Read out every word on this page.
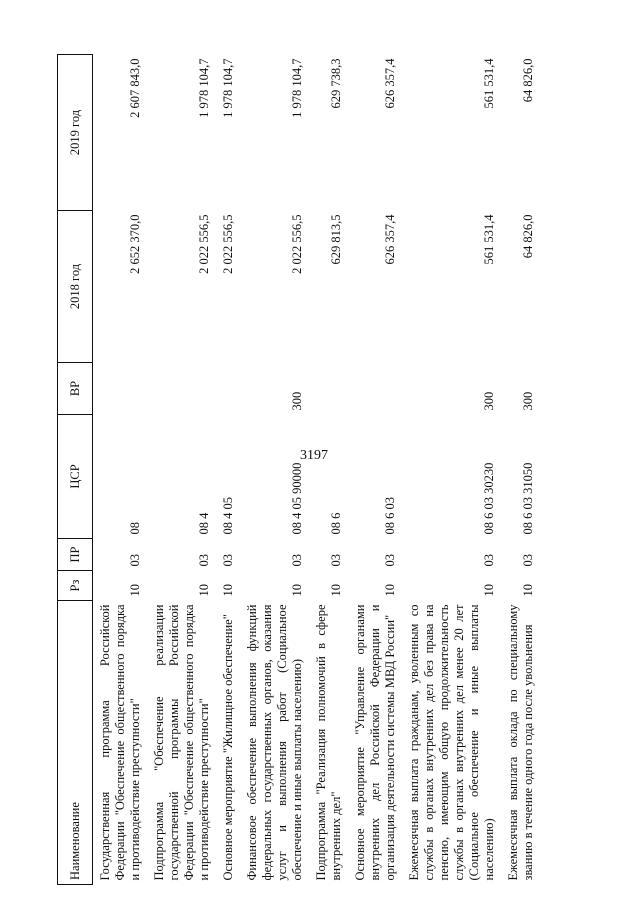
3197
Наименование	Рз	ПР	ЦСР	ВР	2018 год	2019 год
Государственная программа Российской Федерации "Обеспечение общественного порядка и противодействие преступности"	10	03	08		2 652 370,0	2 607 843,0
Подпрограмма "Обеспечение реализации государственной программы Российской Федерации "Обеспечение общественного порядка и противодействие преступности"	10	03	08 4		2 022 556,5	1 978 104,7
Основное мероприятие "Жилищное обеспечение"	10	03	08 4 05		2 022 556,5	1 978 104,7
Финансовое обеспечение выполнения функций федеральных государственных органов, оказания услуг и выполнения работ (Социальное обеспечение и иные выплаты населению)	10	03	08 4 05 90000	300	2 022 556,5	1 978 104,7
Подпрограмма "Реализация полномочий в сфере внутренних дел"	10	03	08 6		629 813,5	629 738,3
Основное мероприятие "Управление органами внутренних дел Российской Федерации и организация деятельности системы МВД России"	10	03	08 6 03		626 357,4	626 357,4
Ежемесячная выплата гражданам, уволенным со службы в органах внутренних дел без права на пенсию, имеющим общую продолжительность службы в органах внутренних дел менее 20 лет (Социальное обеспечение и иные выплаты населению)	10	03	08 6 03 30230	300	561 531,4	561 531,4
Ежемесячная выплата оклада по специальному званию в течение одного года после увольнения	10	03	08 6 03 31050	300	64 826,0	64 826,0
